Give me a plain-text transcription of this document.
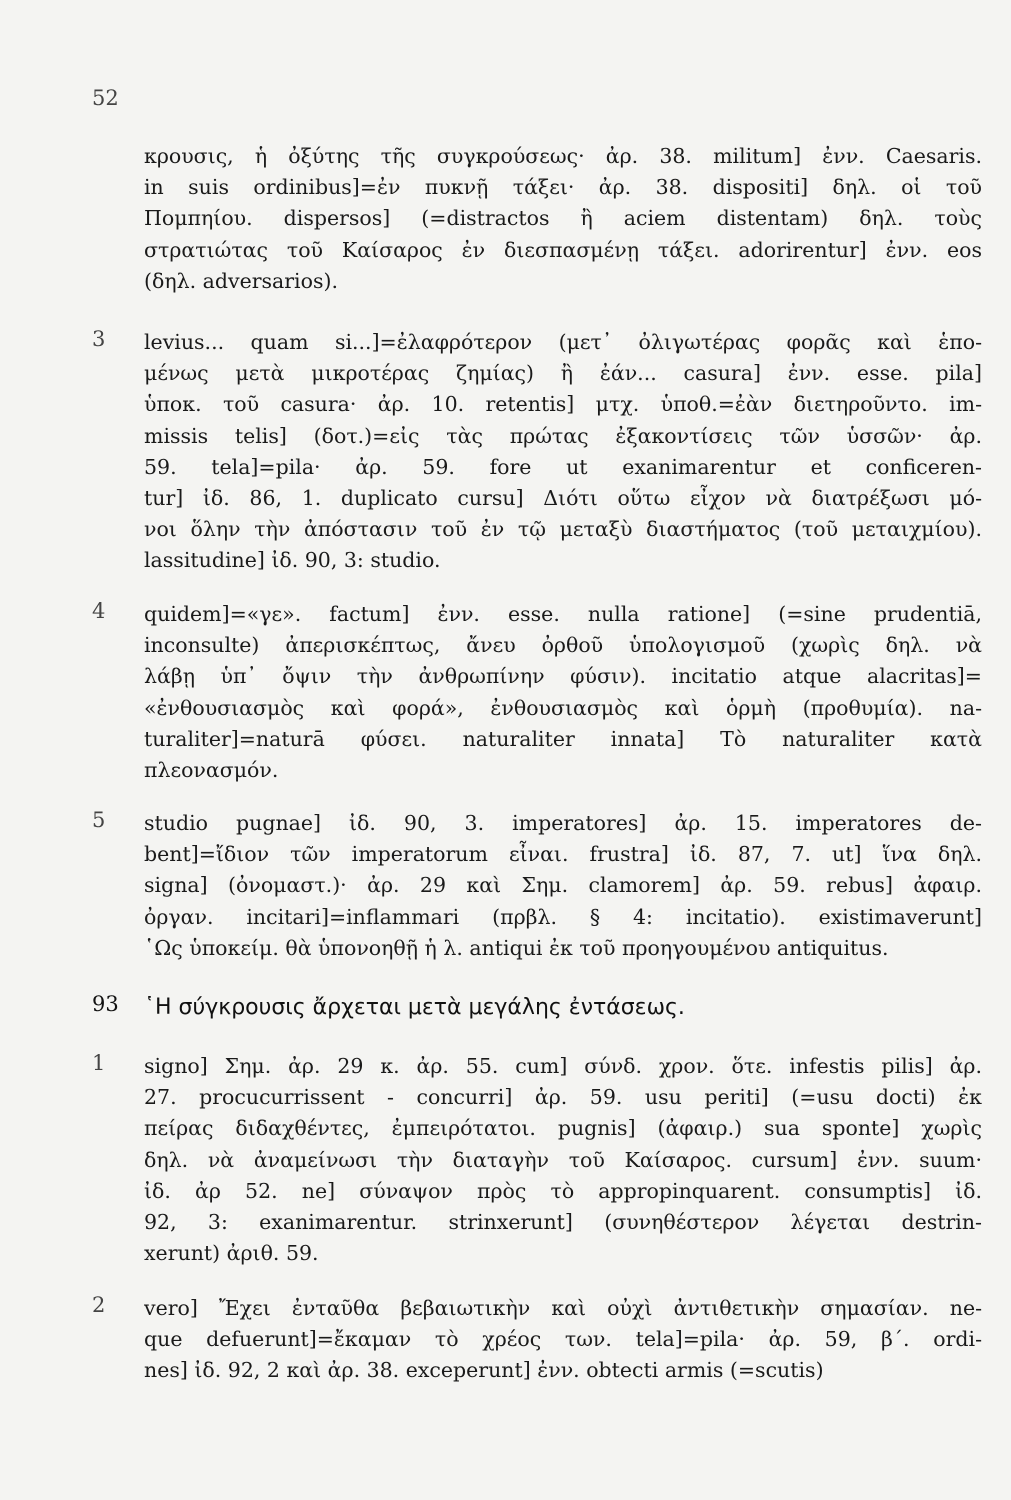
52
κρουσις, ἡ ὀξύτης τῆς συγκρούσεως· ἀρ. 38. militum] ἐνν. Caesaris.
in suis ordinibus]=ἐν πυκνῇ τάξει· ἀρ. 38. dispositi] δηλ. οἱ τοῦ
Πομπηίου. dispersos] (=distractos ἢ aciem distentam) δηλ. τοὺς
στρατιώτας τοῦ Καίσαρος ἐν διεσπασμένῃ τάξει. adorirentur] ἐνν. eos
(δηλ. adversarios).
3	levius... quam si...]=ἐλαφρότερον (μετ᾽ ὀλιγωτέρας φορᾶς καὶ ἑπο-
μένως μετὰ μικροτέρας ζημίας) ἢ ἐάν... casura] ἐνν. esse. pila]
ὑποκ. τοῦ casura· ἀρ. 10. retentis] μτχ. ὑποθ.=ἐὰν διετηροῦντο. im-
missis telis] (δοτ.)=εἰς τὰς πρώτας ἐξακοντίσεις τῶν ὑσσῶν· ἀρ.
59. tela]=pila· ἀρ. 59. fore ut exanimarentur et conficeren-
tur] ἰδ. 86, 1. duplicato cursu] Διότι οὕτω εἶχον νὰ διατρέξωσι μό-
νοι ὅλην τὴν ἀπόστασιν τοῦ ἐν τῷ μεταξὺ διαστήματος (τοῦ μεταιχμίου).
lassitudine] ἰδ. 90, 3: studio.
4	quidem]=«γε». factum] ἐνν. esse. nulla ratione] (=sine prudentiā,
inconsulte) ἀπερισκέπτως, ἄνευ ὀρθοῦ ὑπολογισμοῦ (χωρὶς δηλ. νὰ
λάβῃ ὑπ᾽ ὄψιν τὴν ἀνθρωπίνην φύσιν). incitatio atque alacritas]=
«ἐνθουσιασμὸς καὶ φορά», ἐνθουσιασμὸς καὶ ὁρμὴ (προθυμία). na-
turaliter]=naturā φύσει. naturaliter innata] Τὸ naturaliter κατὰ
πλεονασμόν.
5	studio pugnae] ἰδ. 90, 3. imperatores] ἀρ. 15. imperatores de-
bent]=ἴδιον τῶν imperatorum εἶναι. frustra] ἰδ. 87, 7. ut] ἵνα δηλ.
signa] (ὀνομαστ.)· ἀρ. 29 καὶ Σημ. clamorem] ἀρ. 59. rebus] ἀφαιρ.
ὀργαν. incitari]=inflammari (πρβλ. § 4: incitatio). existimaverunt]
῾Ως ὑποκείμ. θὰ ὑπονοηθῇ ἡ λ. antiqui ἐκ τοῦ προηγουμένου antiquitus.
93	῾Η σύγκρουσις ἄρχεται μετὰ μεγάλης ἐντάσεως.
1	signo] Σημ. ἀρ. 29 κ. ἀρ. 55. cum] σύνδ. χρον. ὅτε. infestis pilis] ἀρ.
27. procucurrissent - concurri] ἀρ. 59. usu periti] (=usu docti) ἐκ
πείρας διδαχθέντες, ἐμπειρότατοι. pugnis] (ἀφαιρ.) sua sponte] χωρὶς
δηλ. νὰ ἀναμείνωσι τὴν διαταγὴν τοῦ Καίσαρος. cursum] ἐνν. suum·
ἰδ. ἀρ 52. ne] σύναψον πρὸς τὸ appropinquarent. consumptis] ἰδ.
92, 3: exanimarentur. strinxerunt] (συνηθέστερον λέγεται destrin-
xerunt) ἀριθ. 59.
2	vero] Ἔχει ἐνταῦθα βεβαιωτικὴν καὶ οὐχὶ ἀντιθετικὴν σημασίαν. ne-
que defuerunt]=ἔκαμαν τὸ χρέος των. tela]=pila· ἀρ. 59, β΄. ordi-
nes] ἰδ. 92, 2 καὶ ἀρ. 38. exceperunt] ἐνν. obtecti armis (=scutis)
